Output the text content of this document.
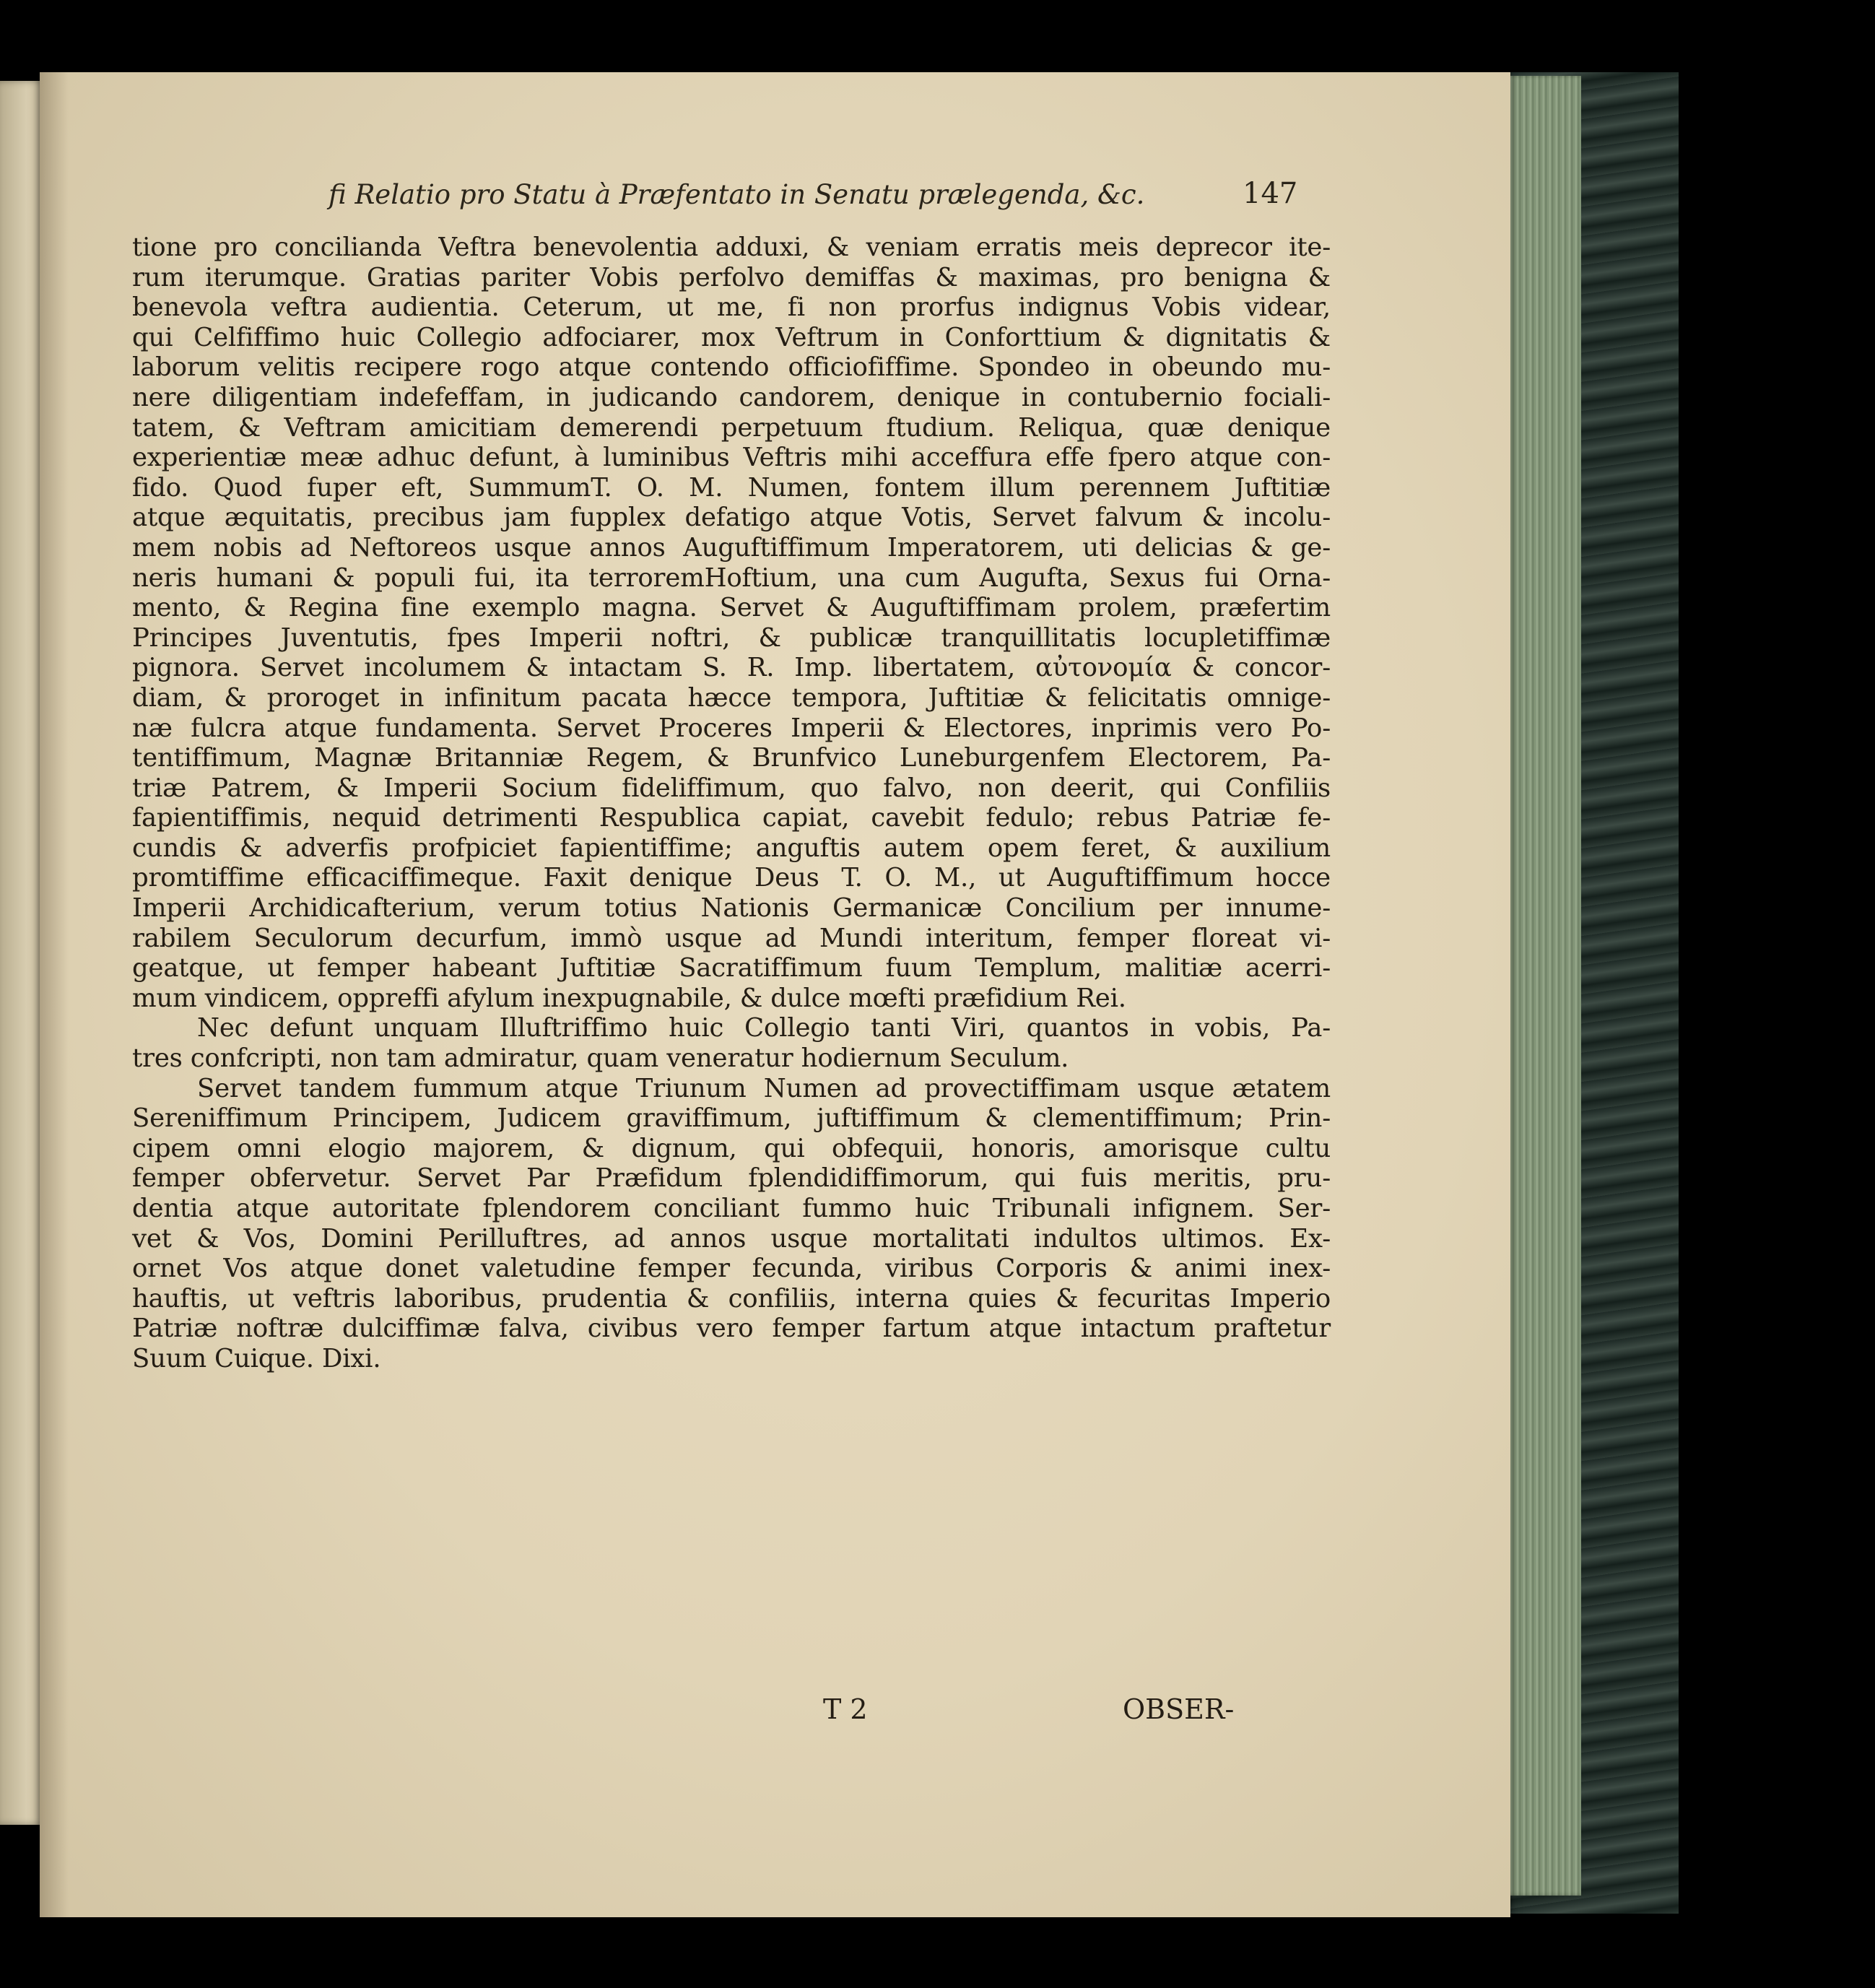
fi Relatio pro Statu à Præfentato in Senatu prælegenda, &c.	147
tione pro concilianda Veftra benevolentia adduxi, & veniam erratis meis deprecor ite-
rum iterumque. Gratias pariter Vobis perfolvo demiffas & maximas, pro benigna &
benevola veftra audientia. Ceterum, ut me, fi non prorfus indignus Vobis videar,
qui Celfiffimo huic Collegio adfociarer, mox Veftrum in Conforttium & dignitatis &
laborum velitis recipere rogo atque contendo officiofiffime. Spondeo in obeundo mu-
nere diligentiam indefeffam, in judicando candorem, denique in contubernio fociali-
tatem, & Veftram amicitiam demerendi perpetuum ftudium. Reliqua, quæ denique
experientiæ meæ adhuc defunt, à luminibus Veftris mihi acceffura effe fpero atque con-
fido. Quod fuper eft, SummumT. O. M. Numen, fontem illum perennem Juftitiæ
atque æquitatis, precibus jam fupplex defatigo atque Votis, Servet falvum & incolu-
mem nobis ad Neftoreos usque annos Auguftiffimum Imperatorem, uti delicias & ge-
neris humani & populi fui, ita terroremHoftium, una cum Augufta, Sexus fui Orna-
mento, & Regina fine exemplo magna. Servet & Auguftiffimam prolem, præfertim
Principes Juventutis, fpes Imperii noftri, & publicæ tranquillitatis locupletiffimæ
pignora. Servet incolumem & intactam S. R. Imp. libertatem, αὐτονομία & concor-
diam, & proroget in infinitum pacata hæcce tempora, Juftitiæ & felicitatis omnige-
næ fulcra atque fundamenta. Servet Proceres Imperii & Electores, inprimis vero Po-
tentiffimum, Magnæ Britanniæ Regem, & Brunfvico Luneburgenfem Electorem, Pa-
triæ Patrem, & Imperii Socium fideliffimum, quo falvo, non deerit, qui Confiliis
fapientiffimis, nequid detrimenti Respublica capiat, cavebit fedulo; rebus Patriæ fe-
cundis & adverfis profpiciet fapientiffime; anguftis autem opem feret, & auxilium
promtiffime efficaciffimeque. Faxit denique Deus T. O. M., ut Auguftiffimum hocce
Imperii Archidicafterium, verum totius Nationis Germanicæ Concilium per innume-
rabilem Seculorum decurfum, immò usque ad Mundi interitum, femper floreat vi-
geatque, ut femper habeant Juftitiæ Sacratiffimum fuum Templum, malitiæ acerri-
mum vindicem, oppreffi afylum inexpugnabile, & dulce mœfti præfidium Rei.
Nec defunt unquam Illuftriffimo huic Collegio tanti Viri, quantos in vobis, Pa-
tres confcripti, non tam admiratur, quam veneratur hodiernum Seculum.
Servet tandem fummum atque Triunum Numen ad provectiffimam usque ætatem
Sereniffimum Principem, Judicem graviffimum, juftiffimum & clementiffimum; Prin-
cipem omni elogio majorem, & dignum, qui obfequii, honoris, amorisque cultu
femper obfervetur. Servet Par Præfidum fplendidiffimorum, qui fuis meritis, pru-
dentia atque autoritate fplendorem conciliant fummo huic Tribunali infignem. Ser-
vet & Vos, Domini Perilluftres, ad annos usque mortalitati indultos ultimos. Ex-
ornet Vos atque donet valetudine femper fecunda, viribus Corporis & animi inex-
hauftis, ut veftris laboribus, prudentia & confiliis, interna quies & fecuritas Imperio
Patriæ noftræ dulciffimæ falva, civibus vero femper fartum atque intactum praftetur
Suum Cuique. Dixi.
T 2	OBSER-
